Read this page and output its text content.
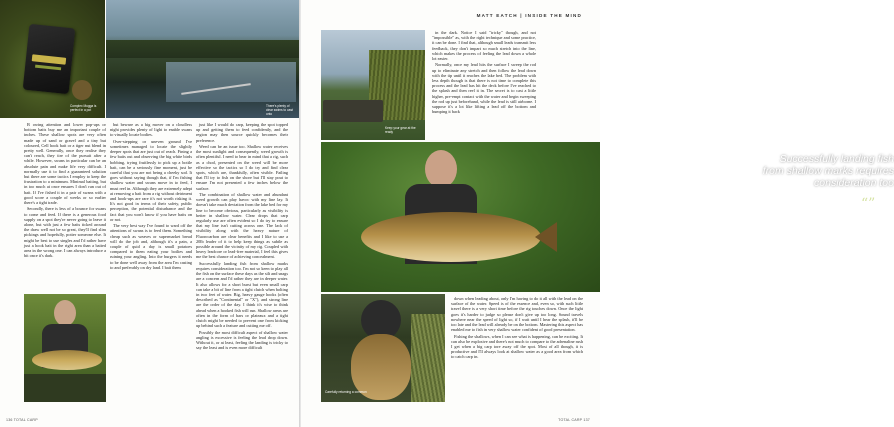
Complex Mugga is perfect in a pot
There's plenty of clear swims to cast onto

B owing attention and lower pop-ups or bottom baits buy me an important couple of inches. These shallow spots are very often made up of sand or gravel and a tiny but coloured, Cell hook bait or a tiger nut blend in pretty well. Generally, once they realise they can't reach, they tire of the pursuit after a while. However, swans in particular can be an absolute pain and make life very difficult. I normally use it to find a guaranteed solution but there are some tactics I employ to keep the frustration to a minimum. Minimal baiting, but in too much at once ensures I don't run out of bait. If I've fished it in a pair of swans with a good score a couple of weeks or so earlier there's a tight trade.

Secondly, there is less of a bounce for swans to come and feed. If there is a generous food supply on a spot they're never going to leave it alone, but with just a few baits ticked around the draw well not be so great, they'll find slim pickings and hopefully, potter someone else. It might be best to use singles and I'd rather have just a hook bait in the right area than a baited area in the wrong one. I can always introduce a bit once it's dark.

but beware as a big mover on a cloudless night provides plenty of light to enable swans to visually locate bodies.

Over-stepping or uneven ground I've sometimes managed to locate the slightly deeper spots that are just out of reach. Fining a few baits out and observing the big white birds bobbing, trying fruitlessly to pick up a bottle bait, can be a seriously fine moment, just be careful that you are not being a cheeky sod. It goes without saying though that, if I'm fishing shallow water and swans move in to feed, I must reel in. Although they are extremely adept at removing a bait from a rig without detriment and hook-ups are rare it's not worth risking it. It's not good in terms of their safety, public perception, the potential disturbance and the fact that you won't know if you have baits on or not.

The very best way I've found to ward off the attentions of swans is to feed them. Something cheap such as weaves or supermarket bread will do the job and, although it's a pain, a couple of quid a day is small potatoes compared to them eating your boilies and ruining your angling. Into the burgers it needs to be done well away from the area I'm casting to and preferably on dry land. I bait them

just like I would do carp, keeping the spot topped up and getting them to feed confidently, and the region may then source quickly becomes their preference.

Weed can be an issue too. Shallow water receives the most sunlight and consequently, weed growth is often plentiful. I need to bear in mind that a rig, such as a chod, presented on the weed will be more effective so the tactics so I do try and find clear spots, which are, thankfully, often visible. Failing that I'll try to fish on the shore but I'll stay pout to ensure I'm not presented a few inches below the surface.

The combination of shallow water and abundant weed growth can play havoc with my line lay. It doesn't take much deviation from the lake bed for my line to become obvious, particularly as visibility is better in shallow water. Clear drops that carp regularly use are often evident so I do try to ensure that my line isn't cutting across one. The lack of visibility along with the heavy nature of Fluorocarbon are clear benefits and I like to use a 20lb leader of it to help keep things as subtle as possible around the vicinity of my rig. Coupled with heavy leadcore or lead-free material, I feel this gives me the best chance of achieving concealment.

Successfully landing fish from shallow marks requires consideration too. I'm not so keen to play all the fish on the surface these days as the silt and snags are a concern and I'd rather they are in deeper water. It also allows for a short burst but even small carp can take a bit of line from a tight clutch when bolting in two feet of water. Big, heavy gauge hooks (often described as "Continental" or "X"), and strong line are the order of the day. I think it's wise to think ahead when a hooked fish will run. Shallow areas are often in the form of bars or plateaux and a tight clutch might be needed to prevent one from kicking up behind such a feature and cutting me off.

Possibly the most difficult aspect of shallow water angling is excessive is feeling the lead drop down. Without it, or at least, feeling the landing is tricky to say the least and is even more difficult

136 TOTAL CARP
MATT EATCH | INSIDE THE MIND
Keep your gear at the ready

in the dark. Notice I said "tricky" though, and not "impossible" as, with the right technique and some practice, it can be done. I find that, although small leads transmit less feedback, they don't impart so much stretch into the line, which makes the process of feeling the lead down a whole lot easier.

Normally, once my lead hits the surface I sweep the rod up to eliminate any stretch and then follow the lead down with the tip until it reaches the lake bed. The problem with less depth though is that there is not time to complete this process and the lead has hit the deck before I've reached to the splash and then reel it in. The secret is to cast a little higher, pre-empt contact with the water and begin sweeping the rod up just beforehand, while the lead is still airborne. I suppose it's a lot like lifting a lead off the bottom and bumping it back

Successfully landing fish from shallow marks requires consideration too
“”
Carefully returning a common

down when leading about, only I'm having to do it all with the lead on the surface of the water. Speed is of the essence and, even so, with such little travel there is a very short time before the rig touches down. Once the light goes it's harder to judge so please don't give up too long. Sound travels nowhere near the speed of light so, if I wait until I hear the splash, it'll be too late and the lead will already be on the bottom. Mastering this aspect has enabled me to fish in very shallow water confident of good presentation.

Fishing the shallows, when I can see what is happening, can be exciting. It can also be explosive and there's not much to compare to the adrenaline rush I get when a big carp tore away off the spot. Most of all though, it is productive and I'll always look at shallow water as a good area from which to catch carp in.

TOTAL CARP 137
